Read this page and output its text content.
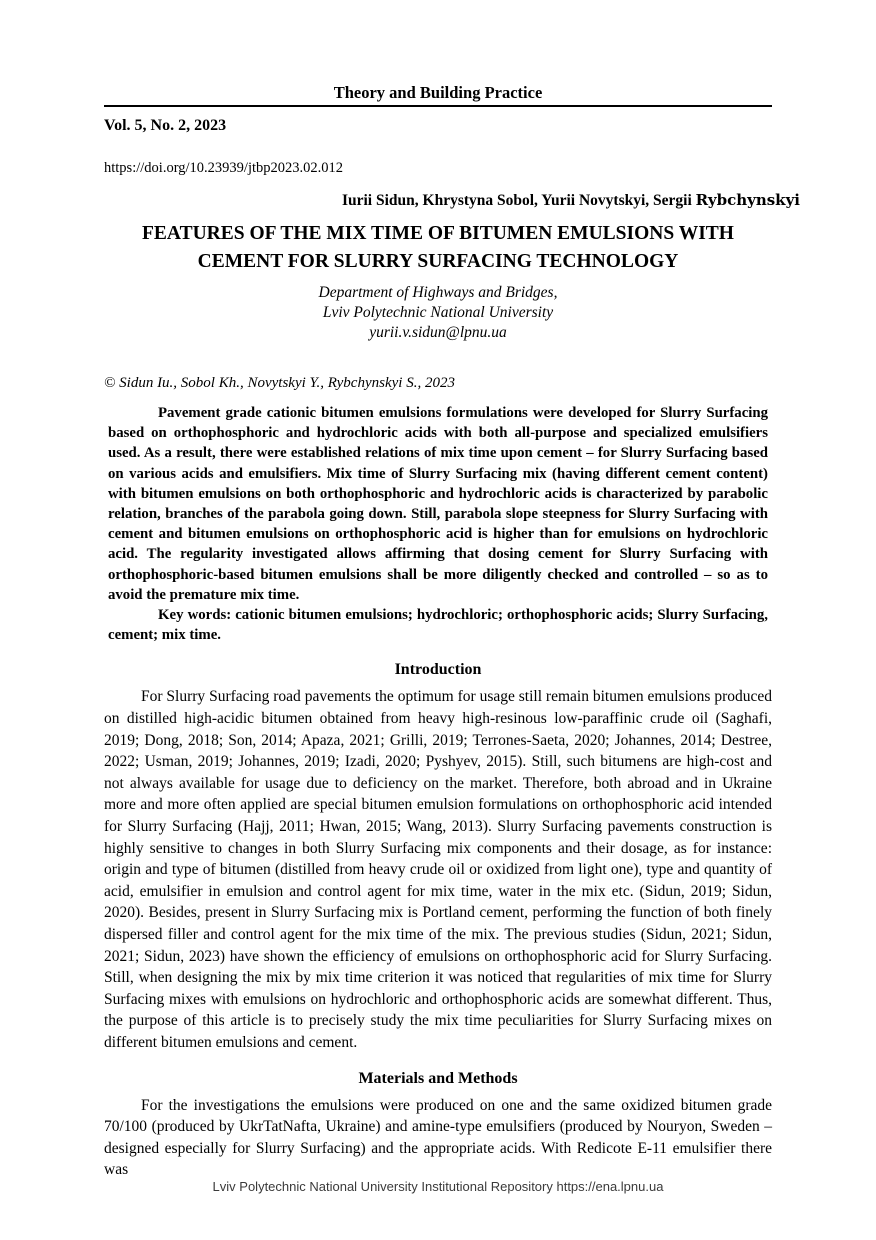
Theory and Building Practice
Vol. 5, No. 2, 2023
https://doi.org/10.23939/jtbp2023.02.012
Iurii Sidun, Khrystyna Sobol, Yurii Novytskyi, Sergii Rybchynskyi
FEATURES OF THE MIX TIME OF BITUMEN EMULSIONS WITH
CEMENT FOR SLURRY SURFACING TECHNOLOGY
Department of Highways and Bridges,
Lviv Polytechnic National University
yurii.v.sidun@lpnu.ua
© Sidun Iu., Sobol Kh., Novytskyi Y., Rybchynskyi S., 2023

Pavement grade cationic bitumen emulsions formulations were developed for Slurry Surfacing based on orthophosphoric and hydrochloric acids with both all-purpose and specialized emulsifiers used. As a result, there were established relations of mix time upon cement – for Slurry Surfacing based on various acids and emulsifiers. Mix time of Slurry Surfacing mix (having different cement content) with bitumen emulsions on both orthophosphoric and hydrochloric acids is characterized by parabolic relation, branches of the parabola going down. Still, parabola slope steepness for Slurry Surfacing with cement and bitumen emulsions on orthophosphoric acid is higher than for emulsions on hydrochloric acid. The regularity investigated allows affirming that dosing cement for Slurry Surfacing with orthophosphoric-based bitumen emulsions shall be more diligently checked and controlled – so as to avoid the premature mix time.

Key words: cationic bitumen emulsions; hydrochloric; orthophosphoric acids; Slurry Surfacing, cement; mix time.

Introduction

For Slurry Surfacing road pavements the optimum for usage still remain bitumen emulsions produced on distilled high-acidic bitumen obtained from heavy high-resinous low-paraffinic crude oil (Saghafi, 2019; Dong, 2018; Son, 2014; Apaza, 2021; Grilli, 2019; Terrones-Saeta, 2020; Johannes, 2014; Destree, 2022; Usman, 2019; Johannes, 2019; Izadi, 2020; Pyshyev, 2015). Still, such bitumens are high-cost and not always available for usage due to deficiency on the market. Therefore, both abroad and in Ukraine more and more often applied are special bitumen emulsion formulations on orthophosphoric acid intended for Slurry Surfacing (Hajj, 2011; Hwan, 2015; Wang, 2013). Slurry Surfacing pavements construction is highly sensitive to changes in both Slurry Surfacing mix components and their dosage, as for instance: origin and type of bitumen (distilled from heavy crude oil or oxidized from light one), type and quantity of acid, emulsifier in emulsion and control agent for mix time, water in the mix etc. (Sidun, 2019; Sidun, 2020). Besides, present in Slurry Surfacing mix is Portland cement, performing the function of both finely dispersed filler and control agent for the mix time of the mix. The previous studies (Sidun, 2021; Sidun, 2021; Sidun, 2023) have shown the efficiency of emulsions on orthophosphoric acid for Slurry Surfacing. Still, when designing the mix by mix time criterion it was noticed that regularities of mix time for Slurry Surfacing mixes with emulsions on hydrochloric and orthophosphoric acids are somewhat different. Thus, the purpose of this article is to precisely study the mix time peculiarities for Slurry Surfacing mixes on different bitumen emulsions and cement.

Materials and Methods

For the investigations the emulsions were produced on one and the same oxidized bitumen grade 70/100 (produced by UkrTatNafta, Ukraine) and amine-type emulsifiers (produced by Nouryon, Sweden – designed especially for Slurry Surfacing) and the appropriate acids. With Redicote E-11 emulsifier there was

Lviv Polytechnic National University Institutional Repository https://ena.lpnu.ua
